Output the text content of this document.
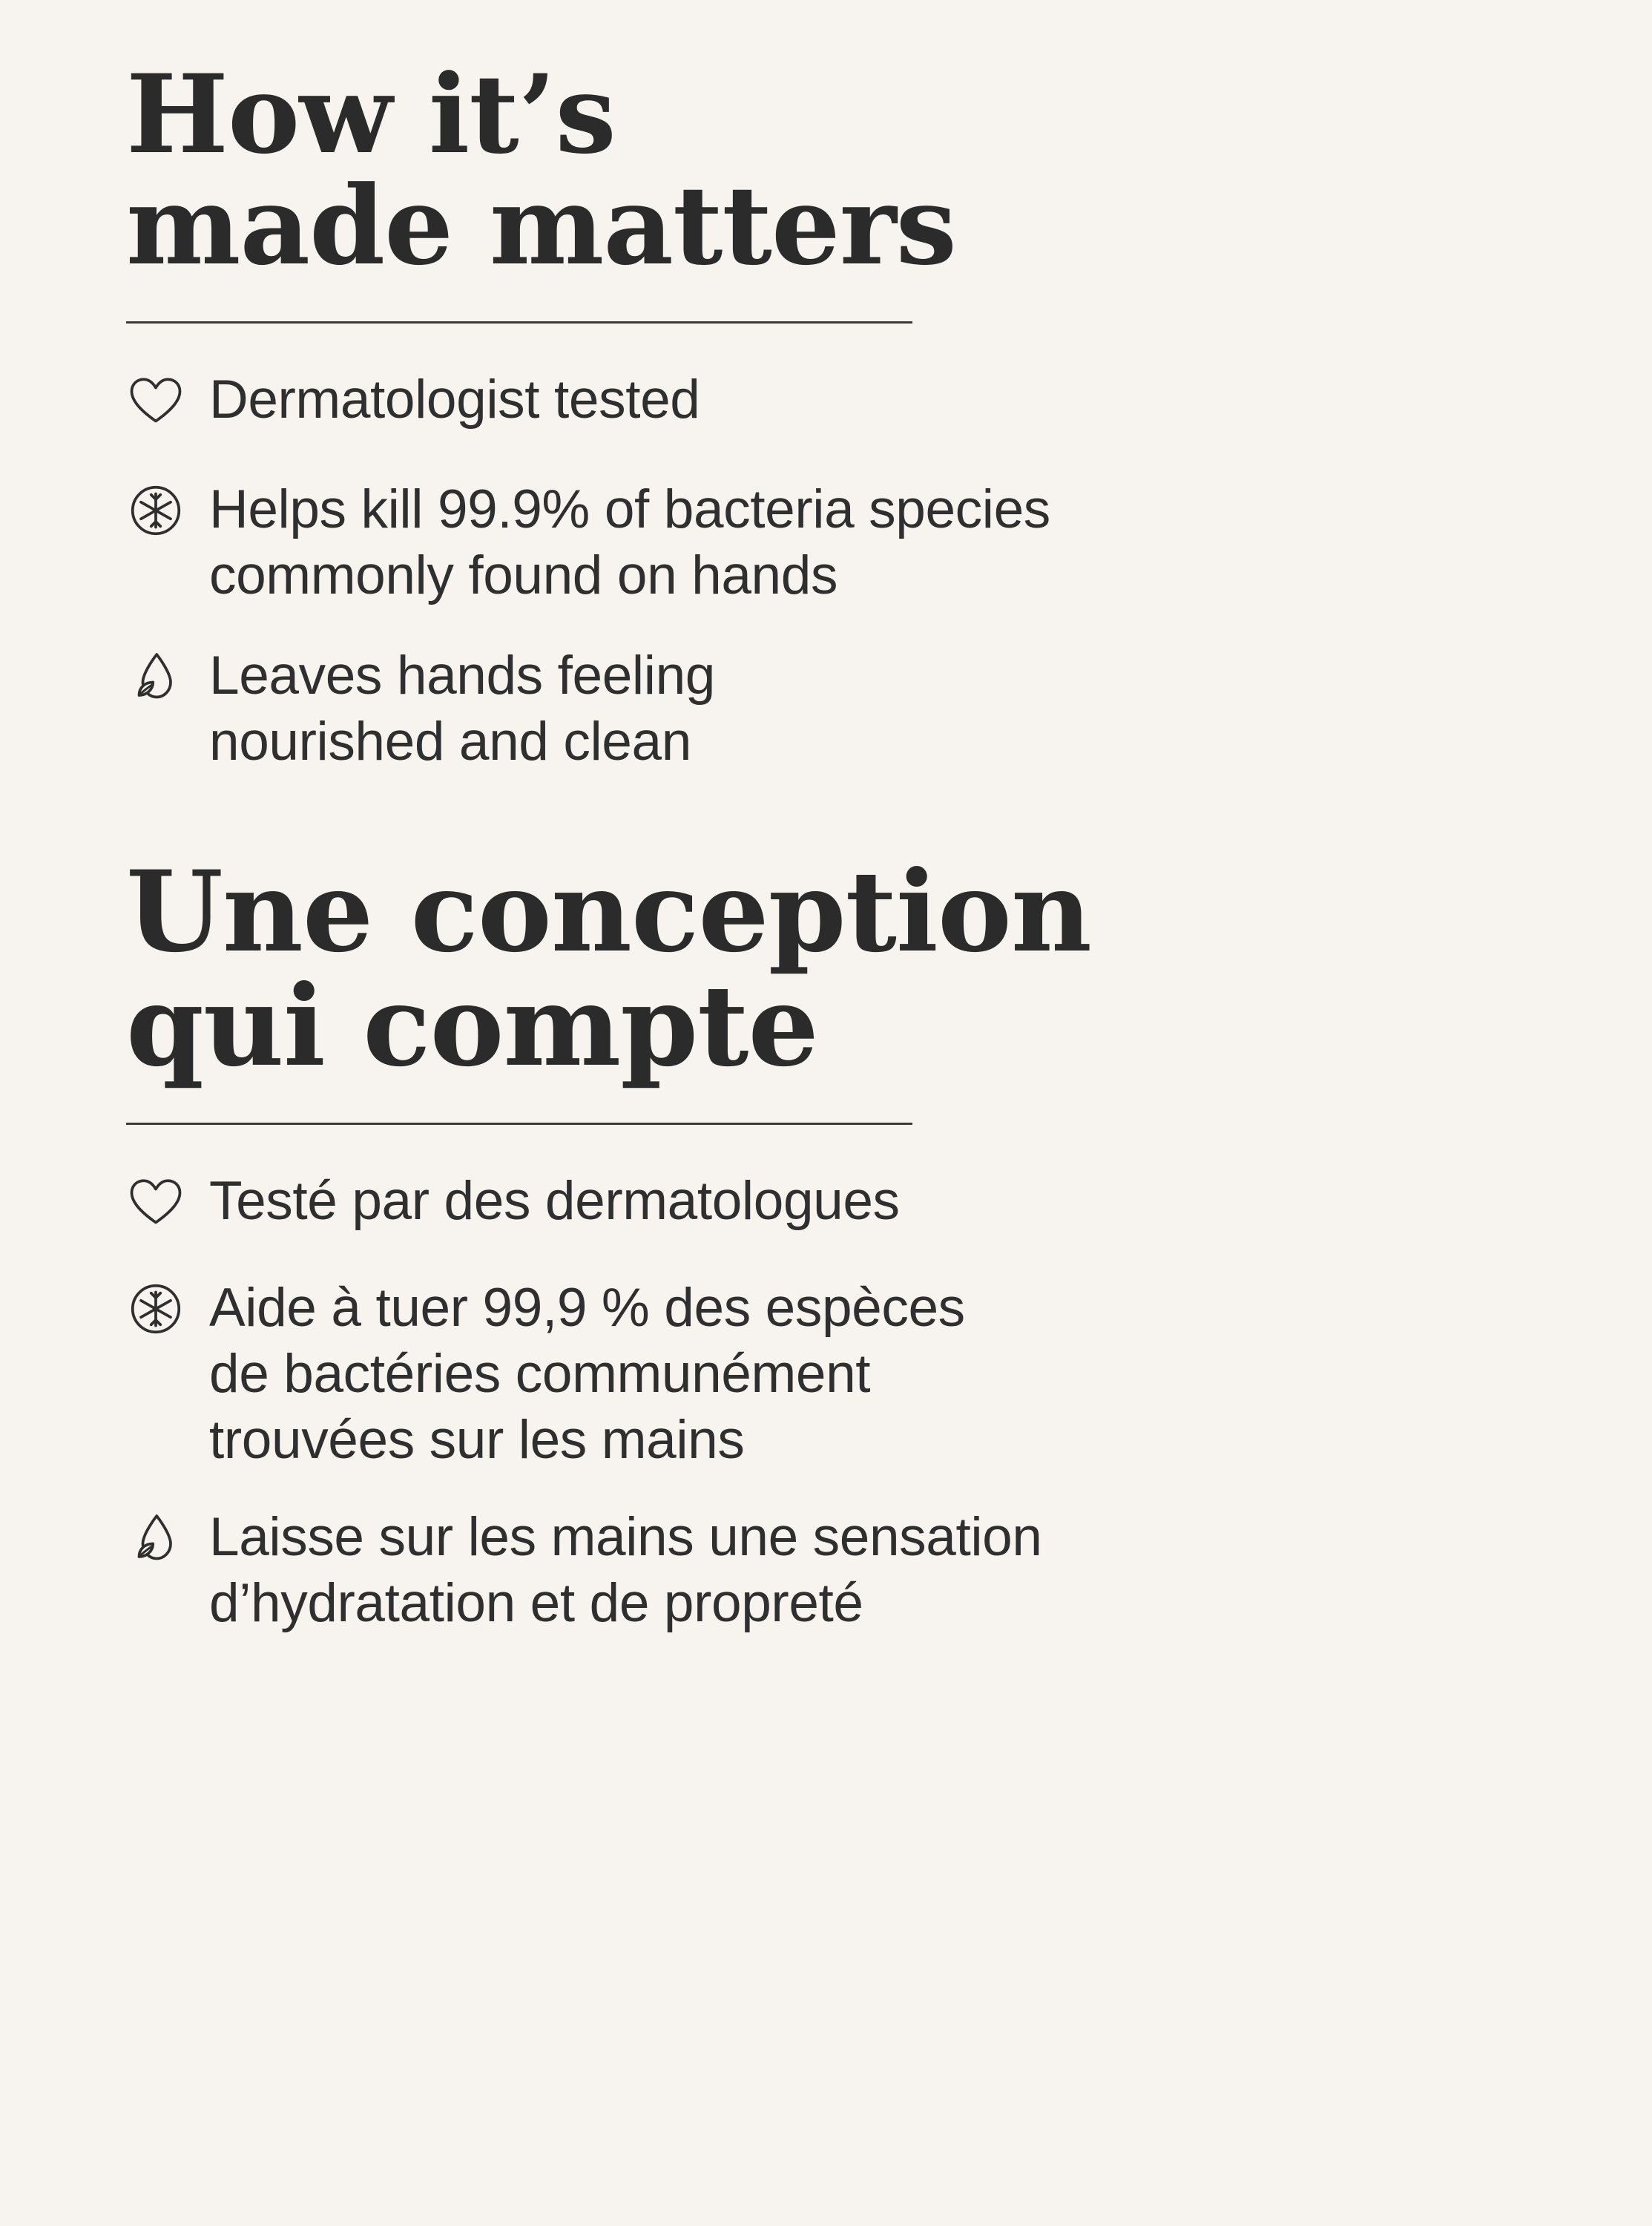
How it’s
made matters
Dermatologist tested
Helps kill 99.9% of bacteria species
commonly found on hands
Leaves hands feeling
nourished and clean
Une conception
qui compte
Testé par des dermatologues
Aide à tuer 99,9 % des espèces
de bactéries communément
trouvées sur les mains
Laisse sur les mains une sensation
d’hydratation et de propreté
